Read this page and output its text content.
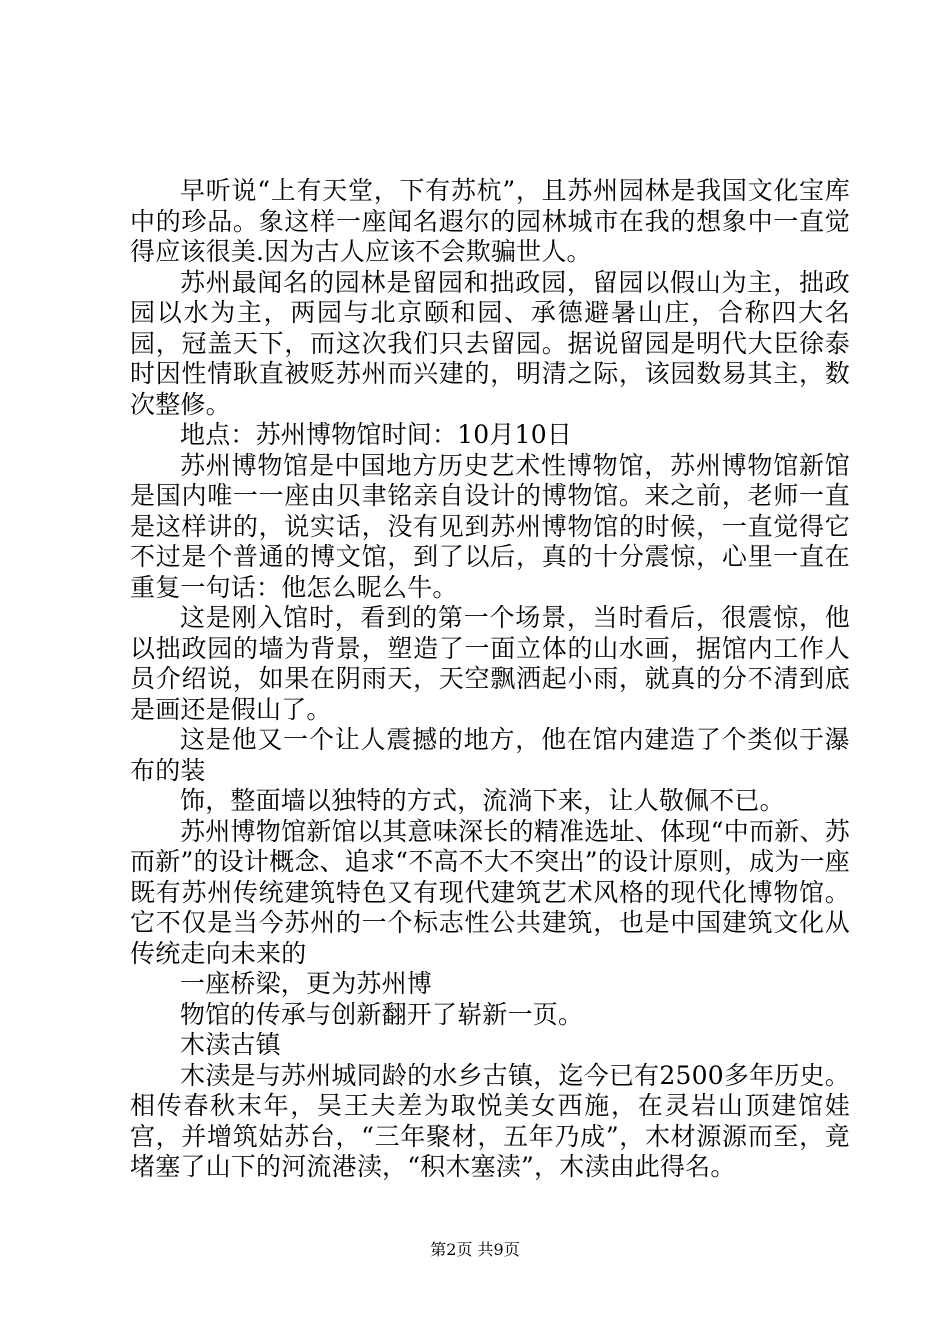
早听说“上有天堂，下有苏杭”，且苏州园林是我国文化宝库中的珍品。象这样一座闻名遐尔的园林城市在我的想象中一直觉得应该很美.因为古人应该不会欺骗世人。

苏州最闻名的园林是留园和拙政园，留园以假山为主，拙政园以水为主，两园与北京颐和园、承德避暑山庄，合称四大名园，冠盖天下，而这次我们只去留园。据说留园是明代大臣徐泰时因性情耿直被贬苏州而兴建的，明清之际，该园数易其主，数次整修。

地点：苏州博物馆时间：10月10日

苏州博物馆是中国地方历史艺术性博物馆，苏州博物馆新馆是国内唯一一座由贝聿铭亲自设计的博物馆。来之前，老师一直是这样讲的，说实话，没有见到苏州博物馆的时候，一直觉得它不过是个普通的博文馆，到了以后，真的十分震惊，心里一直在重复一句话：他怎么昵么牛。

这是刚入馆时，看到的第一个场景，当时看后，很震惊，他以拙政园的墙为背景，塑造了一面立体的山水画，据馆内工作人员介绍说，如果在阴雨天，天空飘洒起小雨，就真的分不清到底是画还是假山了。

这是他又一个让人震撼的地方，他在馆内建造了个类似于瀑布的装

饰，整面墙以独特的方式，流淌下来，让人敬佩不已。

苏州博物馆新馆以其意味深长的精准选址、体现“中而新、苏而新”的设计概念、追求“不高不大不突出”的设计原则，成为一座既有苏州传统建筑特色又有现代建筑艺术风格的现代化博物馆。它不仅是当今苏州的一个标志性公共建筑，也是中国建筑文化从传统走向未来的

一座桥梁，更为苏州博

物馆的传承与创新翻开了崭新一页。

木渎古镇

木渎是与苏州城同龄的水乡古镇，迄今已有2500多年历史。相传春秋末年，吴王夫差为取悦美女西施，在灵岩山顶建馆娃宫，并增筑姑苏台，“三年聚材，五年乃成”，木材源源而至，竟堵塞了山下的河流港渎，“积木塞渎”，木渎由此得名。

第2页 共9页
